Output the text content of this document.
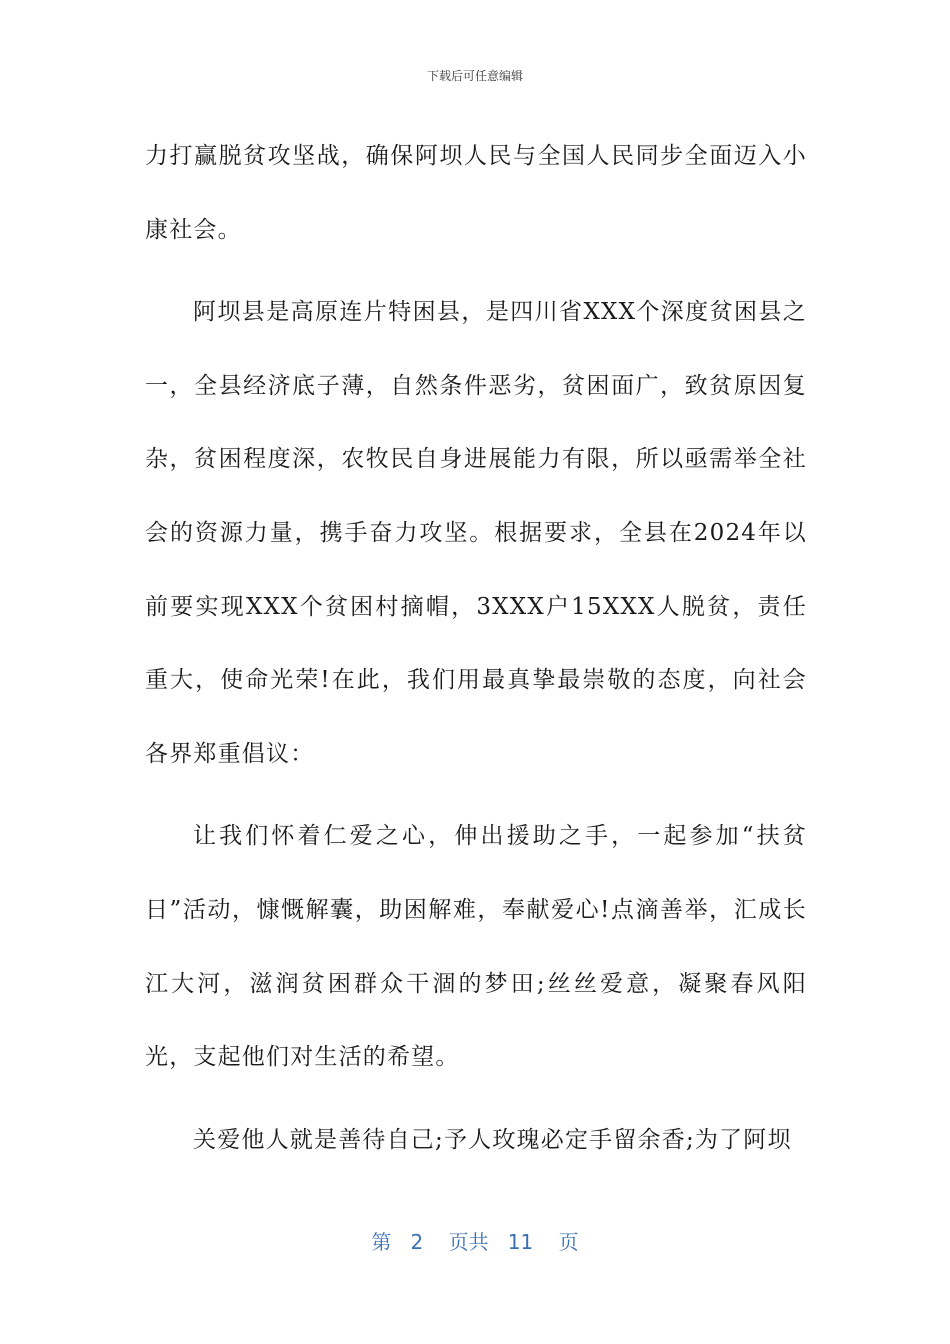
下载后可任意编辑

力打赢脱贫攻坚战，确保阿坝人民与全国人民同步全面迈入小康社会。

阿坝县是高原连片特困县，是四川省XXX个深度贫困县之一，全县经济底子薄，自然条件恶劣，贫困面广，致贫原因复杂，贫困程度深，农牧民自身进展能力有限，所以亟需举全社会的资源力量，携手奋力攻坚。根据要求，全县在2024年以前要实现XXX个贫困村摘帽，3XXX户15XXX人脱贫，责任重大，使命光荣!在此，我们用最真挚最崇敬的态度，向社会各界郑重倡议：

让我们怀着仁爱之心，伸出援助之手，一起参加“扶贫日”活动，慷慨解囊，助困解难，奉献爱心!点滴善举，汇成长江大河，滋润贫困群众干涸的梦田;丝丝爱意，凝聚春风阳光，支起他们对生活的希望。

关爱他人就是善待自己;予人玫瑰必定手留余香;为了阿坝

第 2 页共 11 页
